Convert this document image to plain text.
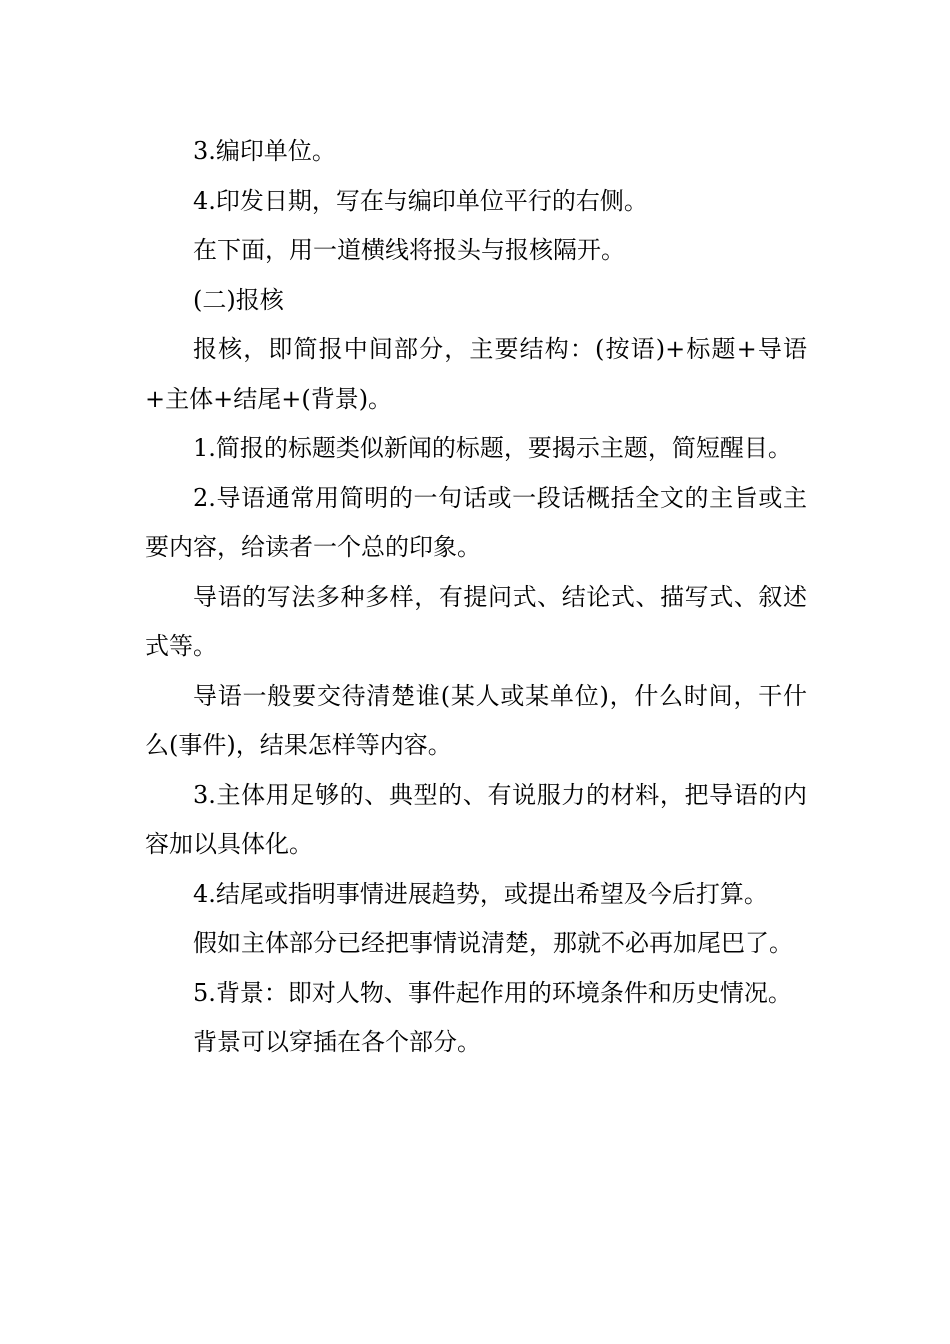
3.编印单位。

4.印发日期，写在与编印单位平行的右侧。

在下面，用一道横线将报头与报核隔开。

(二)报核

报核，即简报中间部分，主要结构：(按语)+标题+导语+主体+结尾+(背景)。

1.简报的标题类似新闻的标题，要揭示主题，简短醒目。

2.导语通常用简明的一句话或一段话概括全文的主旨或主要内容，给读者一个总的印象。

导语的写法多种多样，有提问式、结论式、描写式、叙述式等。

导语一般要交待清楚谁(某人或某单位)，什么时间，干什么(事件)，结果怎样等内容。

3.主体用足够的、典型的、有说服力的材料，把导语的内容加以具体化。

4.结尾或指明事情进展趋势，或提出希望及今后打算。

假如主体部分已经把事情说清楚，那就不必再加尾巴了。

5.背景：即对人物、事件起作用的环境条件和历史情况。

背景可以穿插在各个部分。
